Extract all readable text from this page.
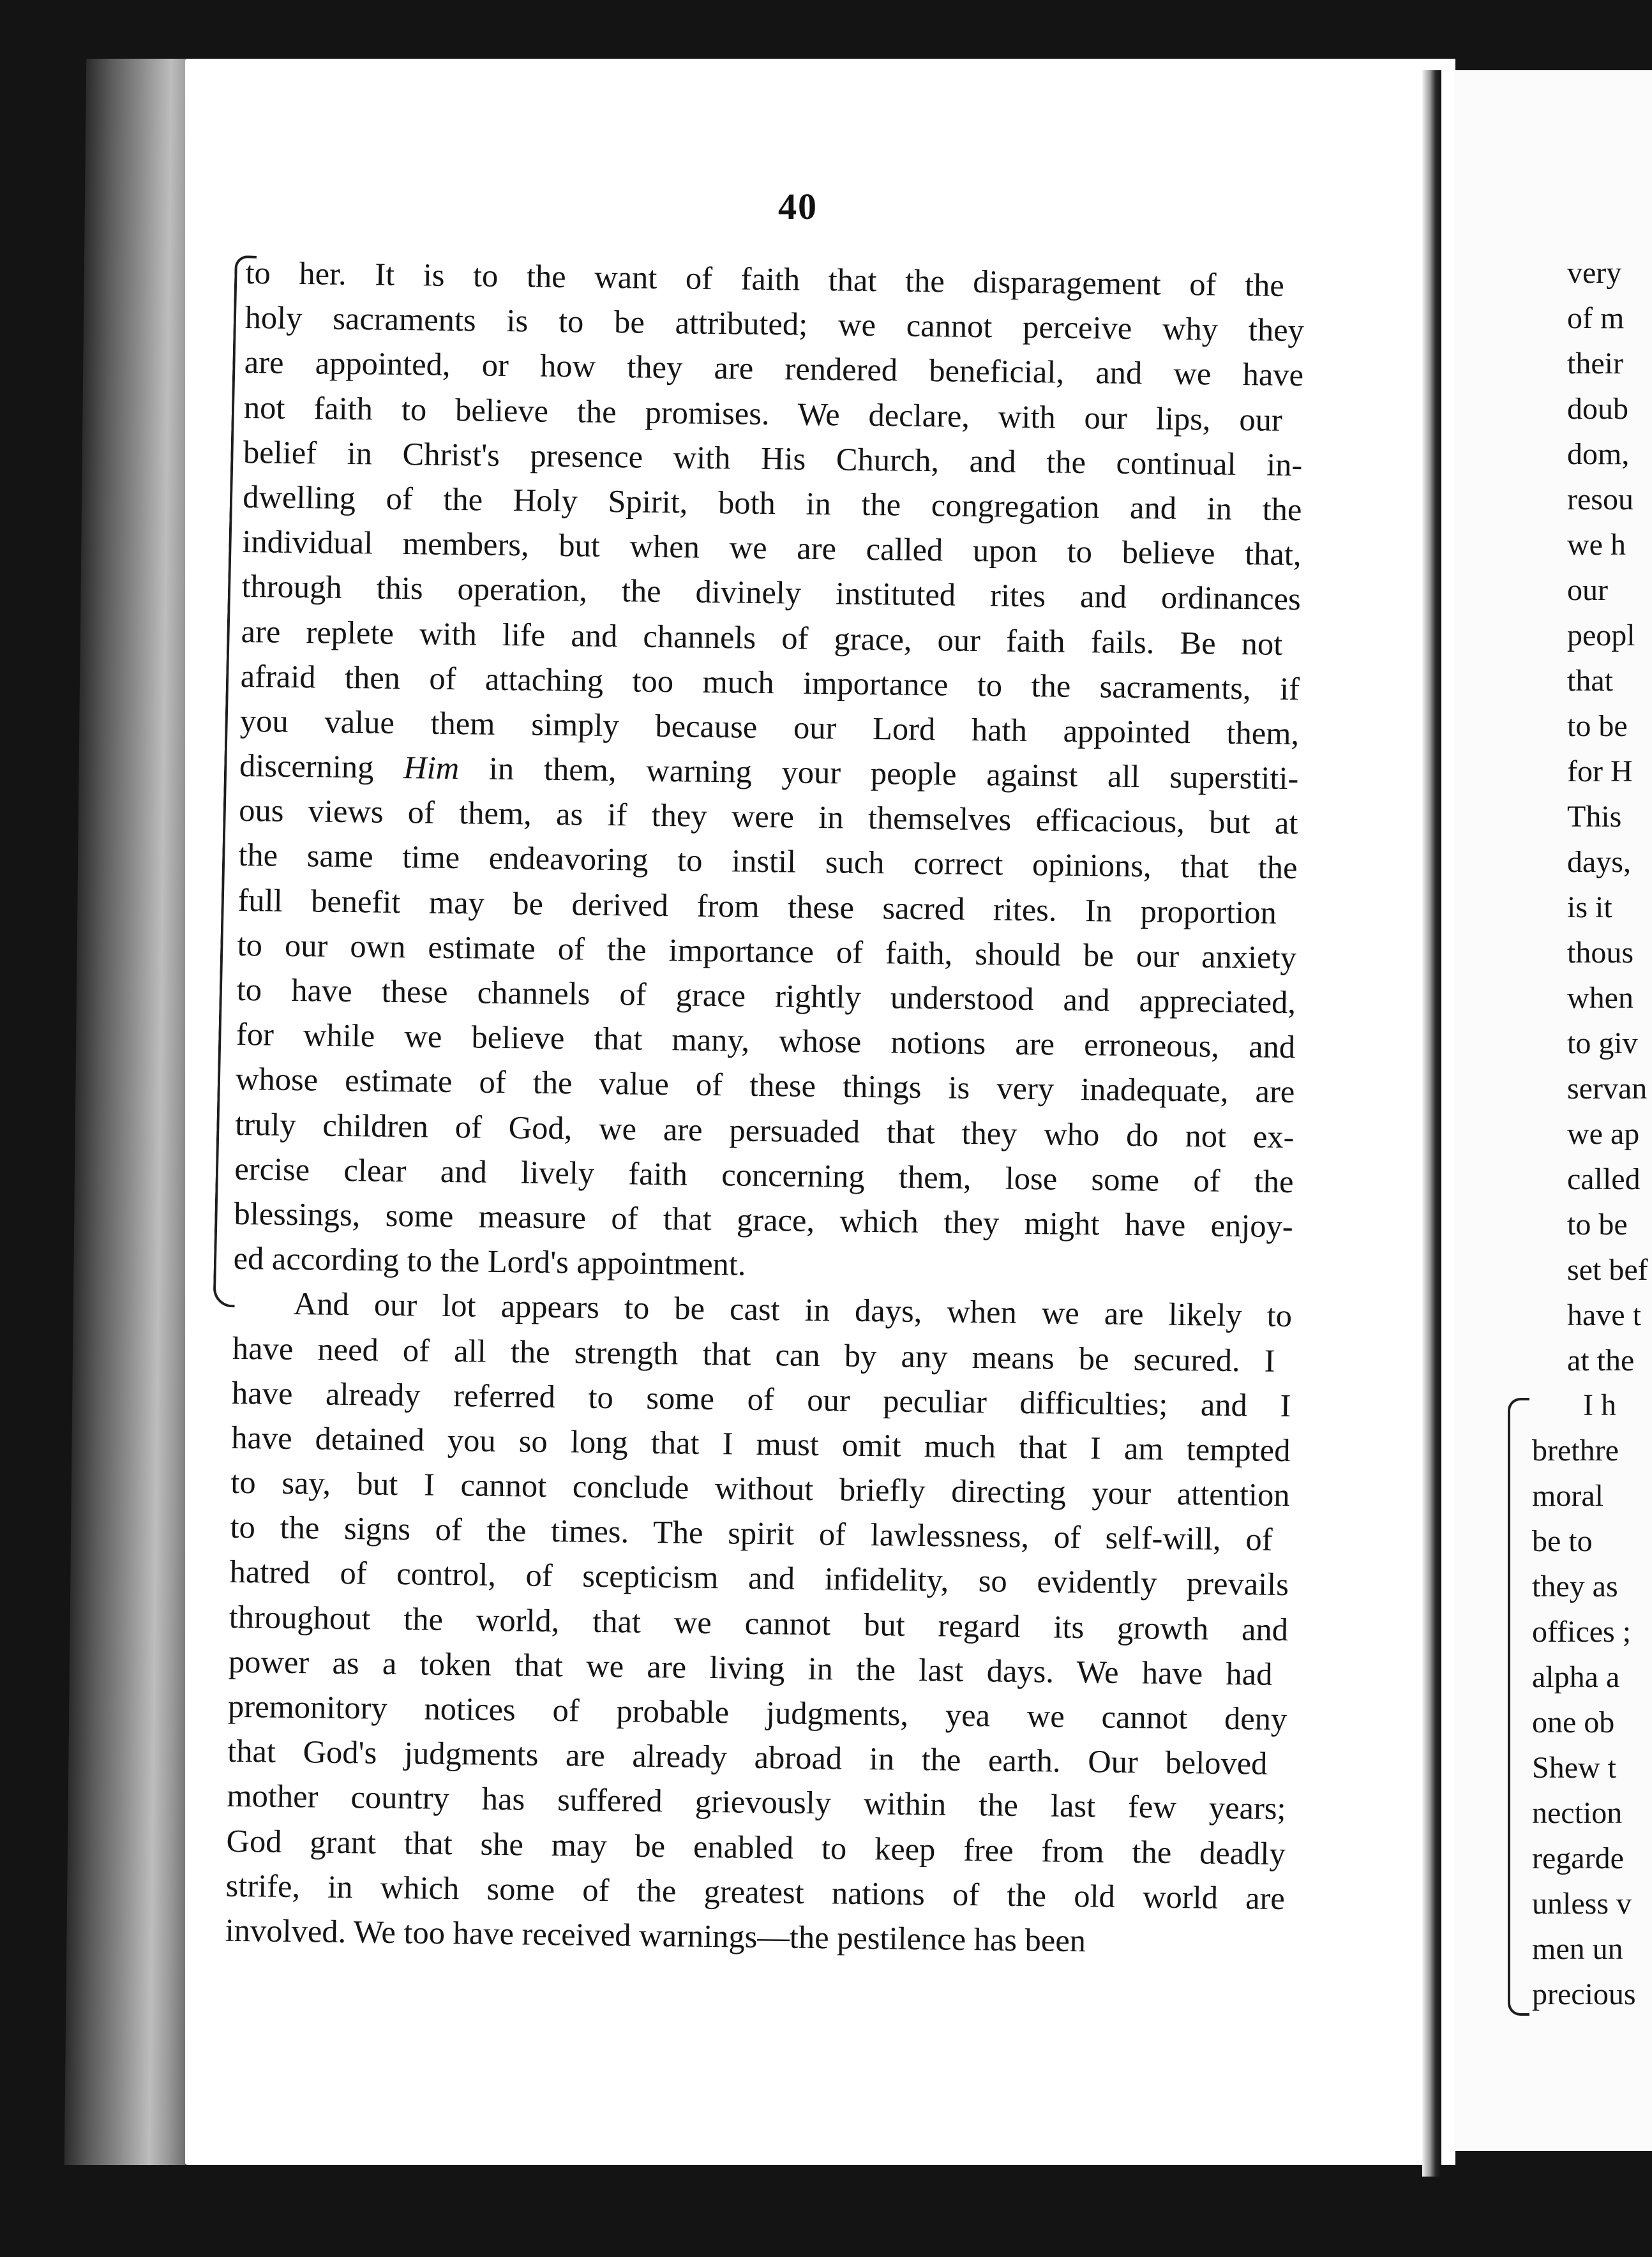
40
to her. It is to the want of faith that the disparagement of the
holy sacraments is to be attributed; we cannot perceive why they
are appointed, or how they are rendered beneficial, and we have
not faith to believe the promises. We declare, with our lips, our
belief in Christ's presence with His Church, and the continual in-
dwelling of the Holy Spirit, both in the congregation and in the
individual members, but when we are called upon to believe that,
through this operation, the divinely instituted rites and ordinances
are replete with life and channels of grace, our faith fails. Be not
afraid then of attaching too much importance to the sacraments, if
you value them simply because our Lord hath appointed them,
discerning Him in them, warning your people against all superstiti-
ous views of them, as if they were in themselves efficacious, but at
the same time endeavoring to instil such correct opinions, that the
full benefit may be derived from these sacred rites. In proportion
to our own estimate of the importance of faith, should be our anxiety
to have these channels of grace rightly understood and appreciated,
for while we believe that many, whose notions are erroneous, and
whose estimate of the value of these things is very inadequate, are
truly children of God, we are persuaded that they who do not ex-
ercise clear and lively faith concerning them, lose some of the
blessings, some measure of that grace, which they might have enjoy-
ed according to the Lord's appointment.
And our lot appears to be cast in days, when we are likely to
have need of all the strength that can by any means be secured. I
have already referred to some of our peculiar difficulties; and I
have detained you so long that I must omit much that I am tempted
to say, but I cannot conclude without briefly directing your attention
to the signs of the times. The spirit of lawlessness, of self-will, of
hatred of control, of scepticism and infidelity, so evidently prevails
throughout the world, that we cannot but regard its growth and
power as a token that we are living in the last days. We have had
premonitory notices of probable judgments, yea we cannot deny
that God's judgments are already abroad in the earth. Our beloved
mother country has suffered grievously within the last few years;
God grant that she may be enabled to keep free from the deadly
strife, in which some of the greatest nations of the old world are
involved. We too have received warnings—the pestilence has been
very
of m
their
doub
dom,
resou
we h
our
peopl
that
to be
for H
This
days,
is it
thous
when
to giv
servan
we ap
called
to be
set bef
have t
at the
I h
brethre
moral
be to
they as
offices ;
alpha a
one ob
Shew t
nection
regarde
unless v
men un
precious
